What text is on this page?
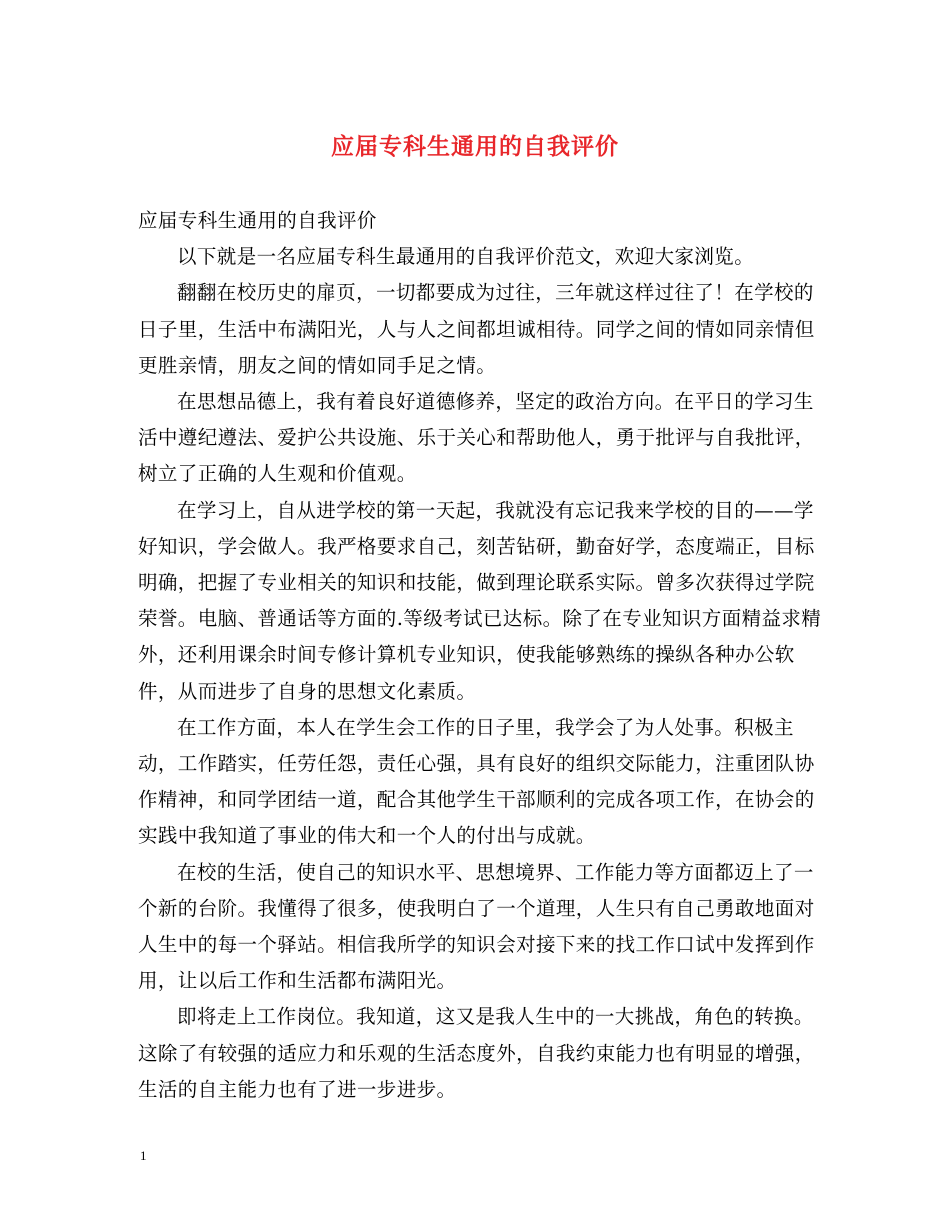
应届专科生通用的自我评价

应届专科生通用的自我评价

以下就是一名应届专科生最通用的自我评价范文，欢迎大家浏览。

翻翻在校历史的扉页，一切都要成为过往，三年就这样过往了！在学校的日子里，生活中布满阳光，人与人之间都坦诚相待。同学之间的情如同亲情但更胜亲情，朋友之间的情如同手足之情。

在思想品德上，我有着良好道德修养，坚定的政治方向。在平日的学习生活中遵纪遵法、爱护公共设施、乐于关心和帮助他人，勇于批评与自我批评，树立了正确的人生观和价值观。

在学习上，自从进学校的第一天起，我就没有忘记我来学校的目的——学好知识，学会做人。我严格要求自己，刻苦钻研，勤奋好学，态度端正，目标明确，把握了专业相关的知识和技能，做到理论联系实际。曾多次获得过学院荣誉。电脑、普通话等方面的.等级考试已达标。除了在专业知识方面精益求精外，还利用课余时间专修计算机专业知识，使我能够熟练的操纵各种办公软件，从而进步了自身的思想文化素质。

在工作方面，本人在学生会工作的日子里，我学会了为人处事。积极主动，工作踏实，任劳任怨，责任心强，具有良好的组织交际能力，注重团队协作精神，和同学团结一道，配合其他学生干部顺利的完成各项工作，在协会的实践中我知道了事业的伟大和一个人的付出与成就。

在校的生活，使自己的知识水平、思想境界、工作能力等方面都迈上了一个新的台阶。我懂得了很多，使我明白了一个道理，人生只有自己勇敢地面对人生中的每一个驿站。相信我所学的知识会对接下来的找工作口试中发挥到作用，让以后工作和生活都布满阳光。

即将走上工作岗位。我知道，这又是我人生中的一大挑战，角色的转换。这除了有较强的适应力和乐观的生活态度外，自我约束能力也有明显的增强，生活的自主能力也有了进一步进步。

1
